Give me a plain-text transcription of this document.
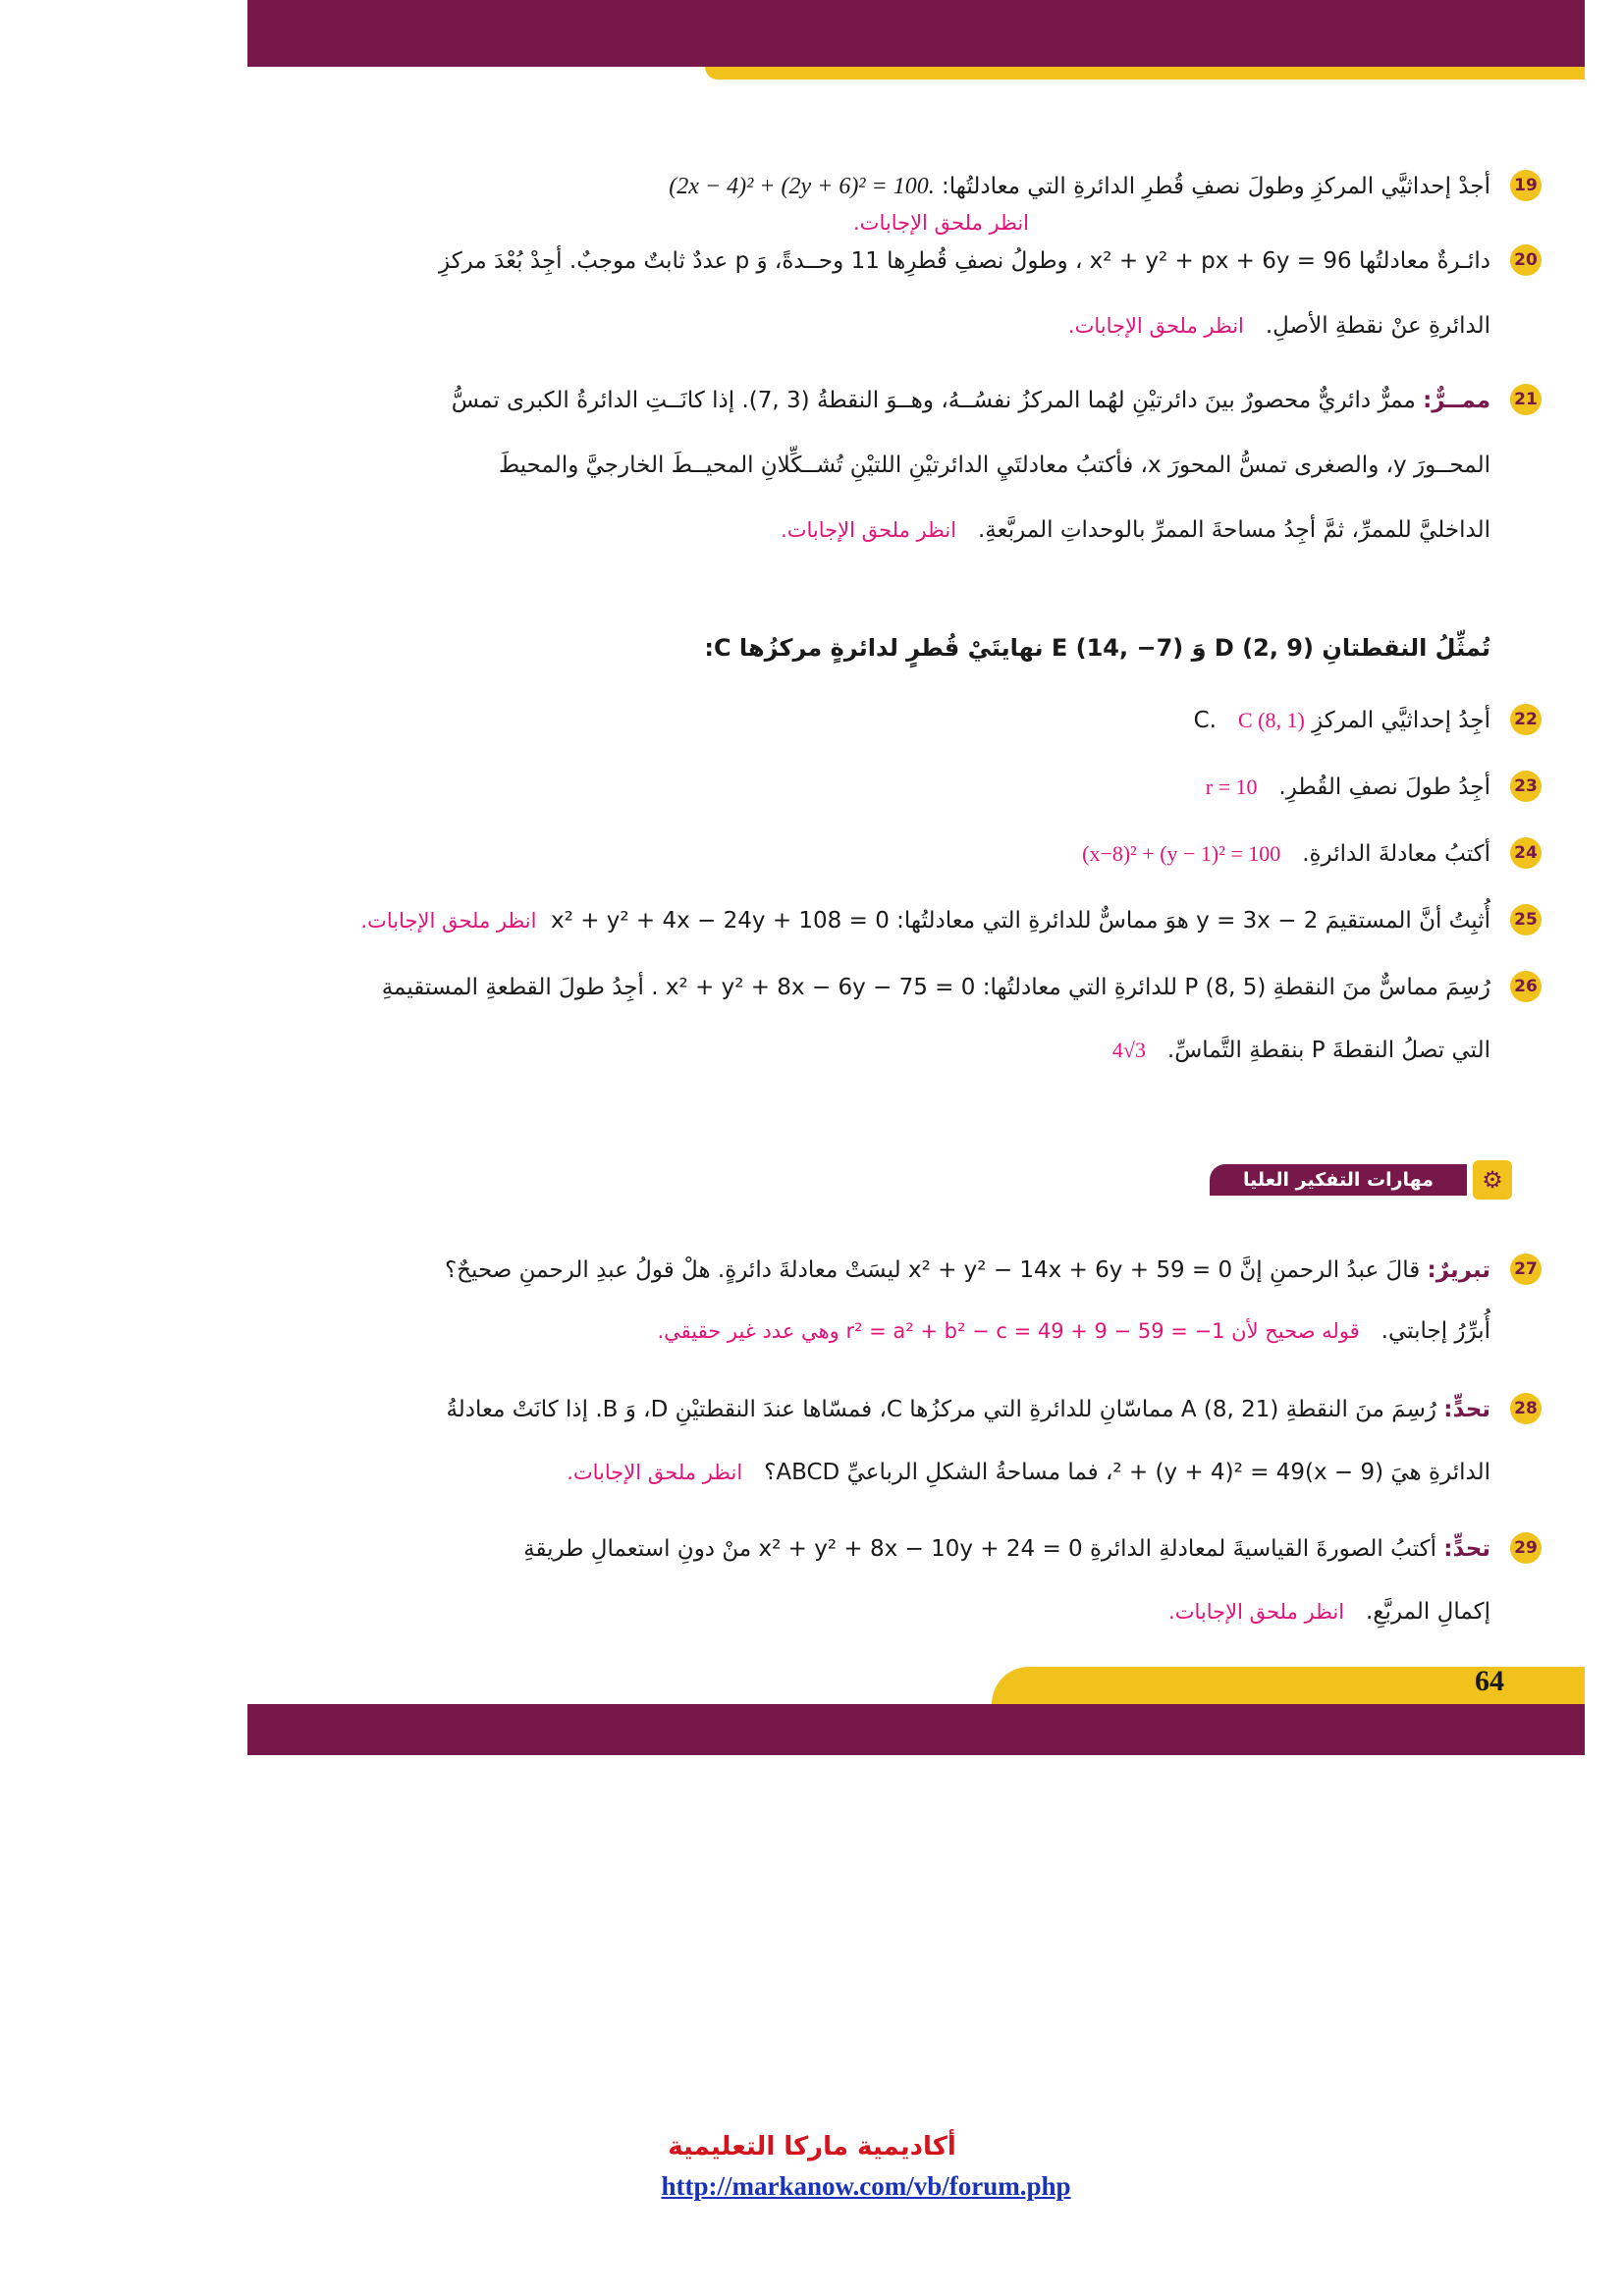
19
أجدْ إحداثيَّي المركزِ وطولَ نصفِ قُطرِ الدائرةِ التي معادلتُها: (2x − 4)² + (2y + 6)² = 100.
انظر ملحق الإجابات.
20
دائـرةٌ معادلتُها x² + y² + px + 6y = 96 ، وطولُ نصفِ قُطرِها 11 وحــدةً، وَ p عددٌ ثابتٌ موجبٌ. أجِدْ بُعْدَ مركزِ
الدائرةِ عنْ نقطةِ الأصلِ.   انظر ملحق الإجابات.
21
ممــرٌّ: ممرٌّ دائريٌّ محصورٌ بينَ دائرتيْنِ لهُما المركزُ نفسُــهُ، وهــوَ النقطةُ (3 ,7). إذا كانَــتِ الدائرةُ الكبرى تمسُّ
المحــورَ y، والصغرى تمسُّ المحورَ x، فأكتبُ معادلتَيِ الدائرتيْنِ اللتيْنِ تُشــكِّلانِ المحيــطَ الخارجيَّ والمحيطَ
الداخليَّ للممرِّ، ثمَّ أجِدُ مساحةَ الممرِّ بالوحداتِ المربَّعةِ.   انظر ملحق الإجابات.
تُمثِّلُ النقطتانِ D (2, 9) وَ E (14, −7) نهايتَيْ قُطرٍ لدائرةٍ مركزُها C:
22
أجِدُ إحداثيَّي المركزِ C.   C (8, 1)
23
أجِدُ طولَ نصفِ القُطرِ.   r = 10
24
أكتبُ معادلةَ الدائرةِ.   (x−8)² + (y − 1)² = 100
25
أُثبِتُ أنَّ المستقيمَ y = 3x − 2 هوَ مماسٌّ للدائرةِ التي معادلتُها: x² + y² + 4x − 24y + 108 = 0  انظر ملحق الإجابات.
26
رُسِمَ مماسٌّ منَ النقطةِ P (8, 5) للدائرةِ التي معادلتُها: x² + y² + 8x − 6y − 75 = 0 . أجِدُ طولَ القطعةِ المستقيمةِ
التي تصلُ النقطةَ P بنقطةِ التَّماسِّ.   4√3
مهارات التفكير العليا	⚙
27
تبريرٌ: قالَ عبدُ الرحمنِ إنَّ x² + y² − 14x + 6y + 59 = 0 ليسَتْ معادلةَ دائرةٍ. هلْ قولُ عبدِ الرحمنِ صحيحٌ؟
أُبرِّرُ إجابتي.   قوله صحيح لأن r² = a² + b² − c = 49 + 9 − 59 = −1 وهي عدد غير حقيقي.
28
تحدٍّ: رُسِمَ منَ النقطةِ A (8, 21) مماسّانِ للدائرةِ التي مركزُها C، فمسّاها عندَ النقطتيْنِ D، وَ B. إذا كانَتْ معادلةُ
الدائرةِ هيَ (x − 9)² + (y + 4)² = 49، فما مساحةُ الشكلِ الرباعيِّ ABCD؟   انظر ملحق الإجابات.
29
تحدٍّ: أكتبُ الصورةَ القياسيةَ لمعادلةِ الدائرةِ x² + y² + 8x − 10y + 24 = 0 منْ دونِ استعمالِ طريقةِ
إكمالِ المربَّعِ.   انظر ملحق الإجابات.
64
أكاديمية ماركا التعليمية
http://markanow.com/vb/forum.php
